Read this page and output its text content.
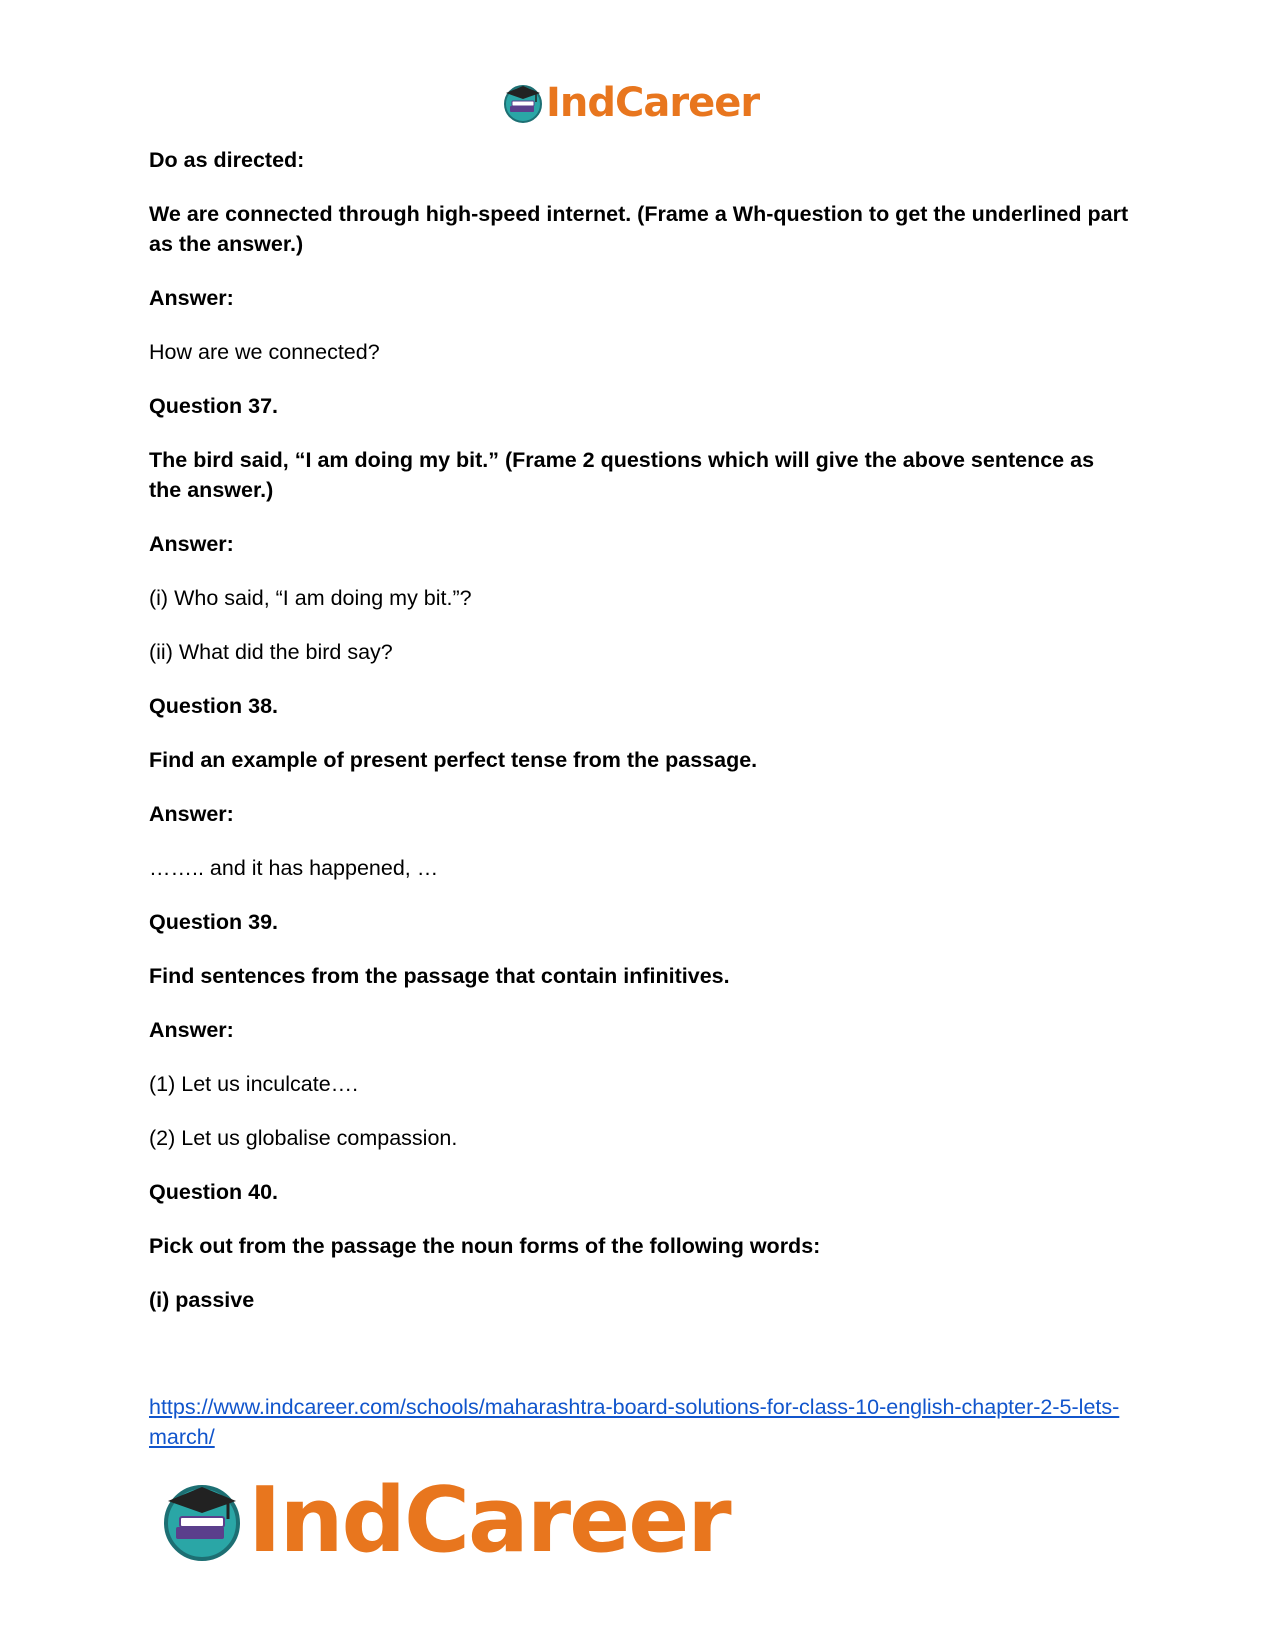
IndCareer

Do as directed:

We are connected through high-speed internet. (Frame a Wh-question to get the underlined part as the answer.)

Answer:

How are we connected?

Question 37.

The bird said, “I am doing my bit.” (Frame 2 questions which will give the above sentence as the answer.)

Answer:

(i) Who said, “I am doing my bit.”?

(ii) What did the bird say?

Question 38.

Find an example of present perfect tense from the passage.

Answer:

…….. and it has happened, …

Question 39.

Find sentences from the passage that contain infinitives.

Answer:

(1) Let us inculcate….

(2) Let us globalise compassion.

Question 40.

Pick out from the passage the noun forms of the following words:

(i) passive

https://www.indcareer.com/schools/maharashtra-board-solutions-for-class-10-english-chapter-2-5-lets-march/
IndCareer
